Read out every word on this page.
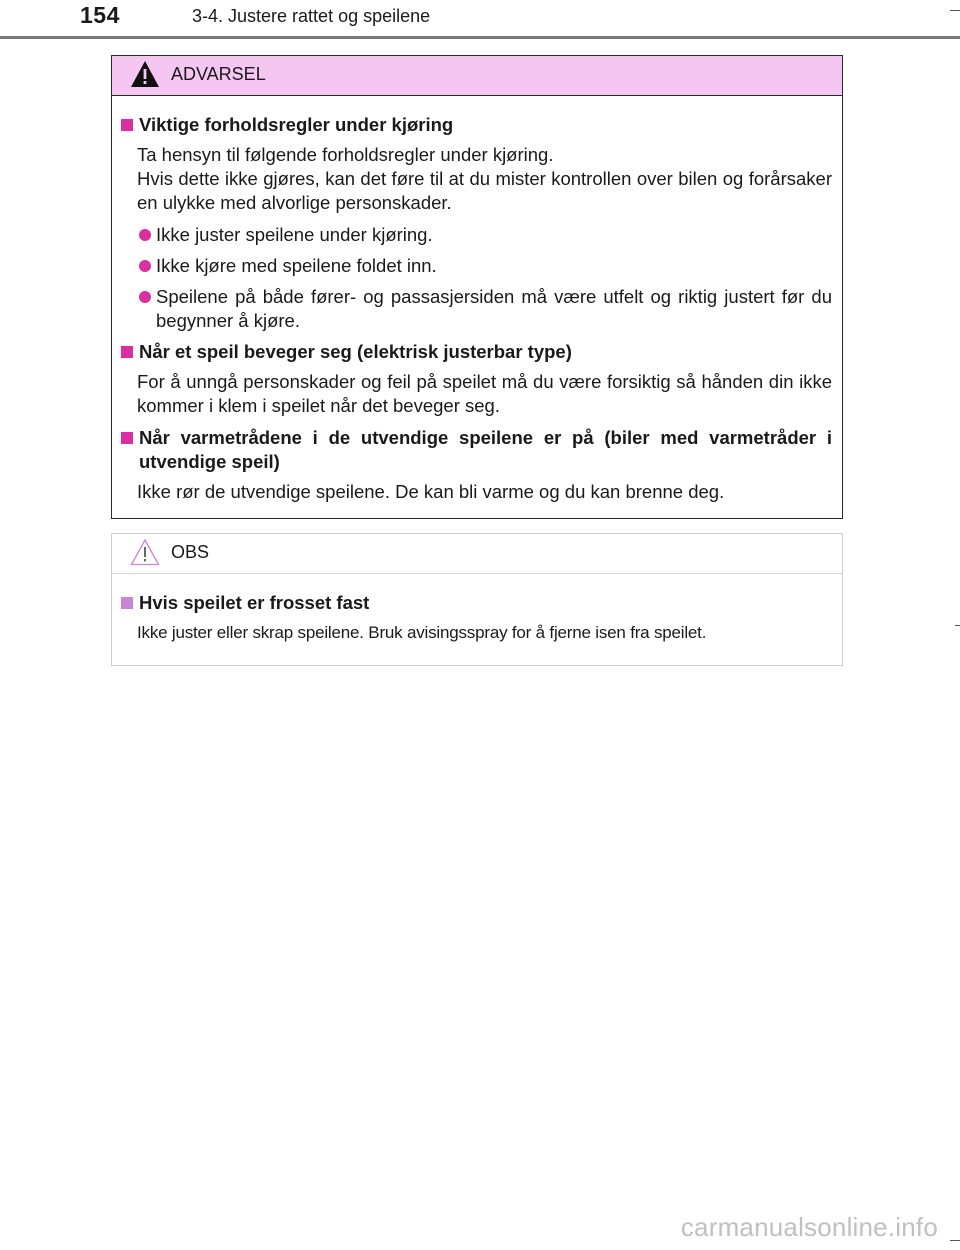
154	3-4. Justere rattet og speilene
ADVARSEL
Viktige forholdsregler under kjøring
Ta hensyn til følgende forholdsregler under kjøring.
Hvis dette ikke gjøres, kan det føre til at du mister kontrollen over bilen og forårsaker en ulykke med alvorlige personskader.
Ikke juster speilene under kjøring.
Ikke kjøre med speilene foldet inn.
Speilene på både fører- og passasjersiden må være utfelt og riktig justert før du begynner å kjøre.
Når et speil beveger seg (elektrisk justerbar type)
For å unngå personskader og feil på speilet må du være forsiktig så hånden din ikke kommer i klem i speilet når det beveger seg.
Når varmetrådene i de utvendige speilene er på (biler med varmetråder i utvendige speil)
Ikke rør de utvendige speilene. De kan bli varme og du kan brenne deg.
OBS
Hvis speilet er frosset fast
Ikke juster eller skrap speilene. Bruk avisingsspray for å fjerne isen fra speilet.
carmanualsonline.info
